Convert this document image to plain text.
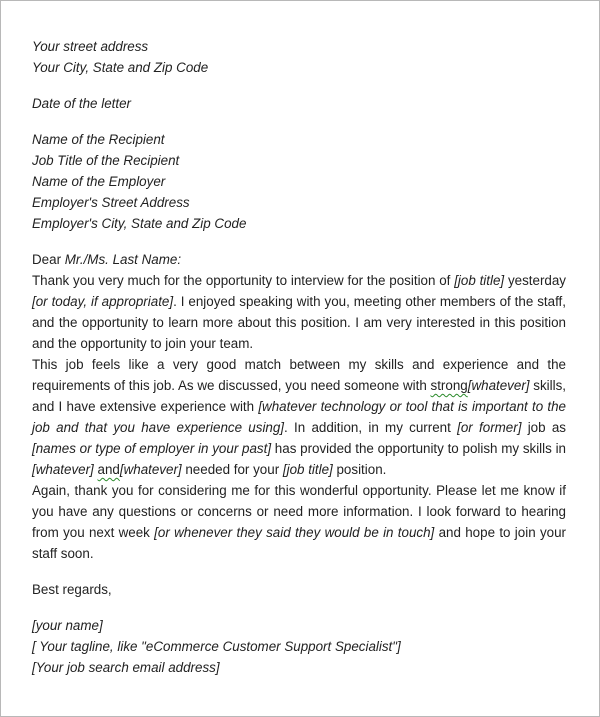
Your street address
Your City, State and Zip Code
Date of the letter
Name of the Recipient
Job Title of the Recipient
Name of the Employer
Employer's Street Address
Employer's City, State and Zip Code
Dear Mr./Ms. Last Name:

Thank you very much for the opportunity to interview for the position of [job title] yesterday [or today, if appropriate]. I enjoyed speaking with you, meeting other members of the staff, and the opportunity to learn more about this position. I am very interested in this position and the opportunity to join your team.

This job feels like a very good match between my skills and experience and the requirements of this job. As we discussed, you need someone with strong[whatever] skills, and I have extensive experience with [whatever technology or tool that is important to the job and that you have experience using]. In addition, in my current [or former] job as [names or type of employer in your past] has provided the opportunity to polish my skills in [whatever] and[whatever] needed for your [job title] position.

Again, thank you for considering me for this wonderful opportunity. Please let me know if you have any questions or concerns or need more information. I look forward to hearing from you next week [or whenever they said they would be in touch] and hope to join your staff soon.

Best regards,
[your name]
[ Your tagline, like "eCommerce Customer Support Specialist"]
[Your job search email address]
